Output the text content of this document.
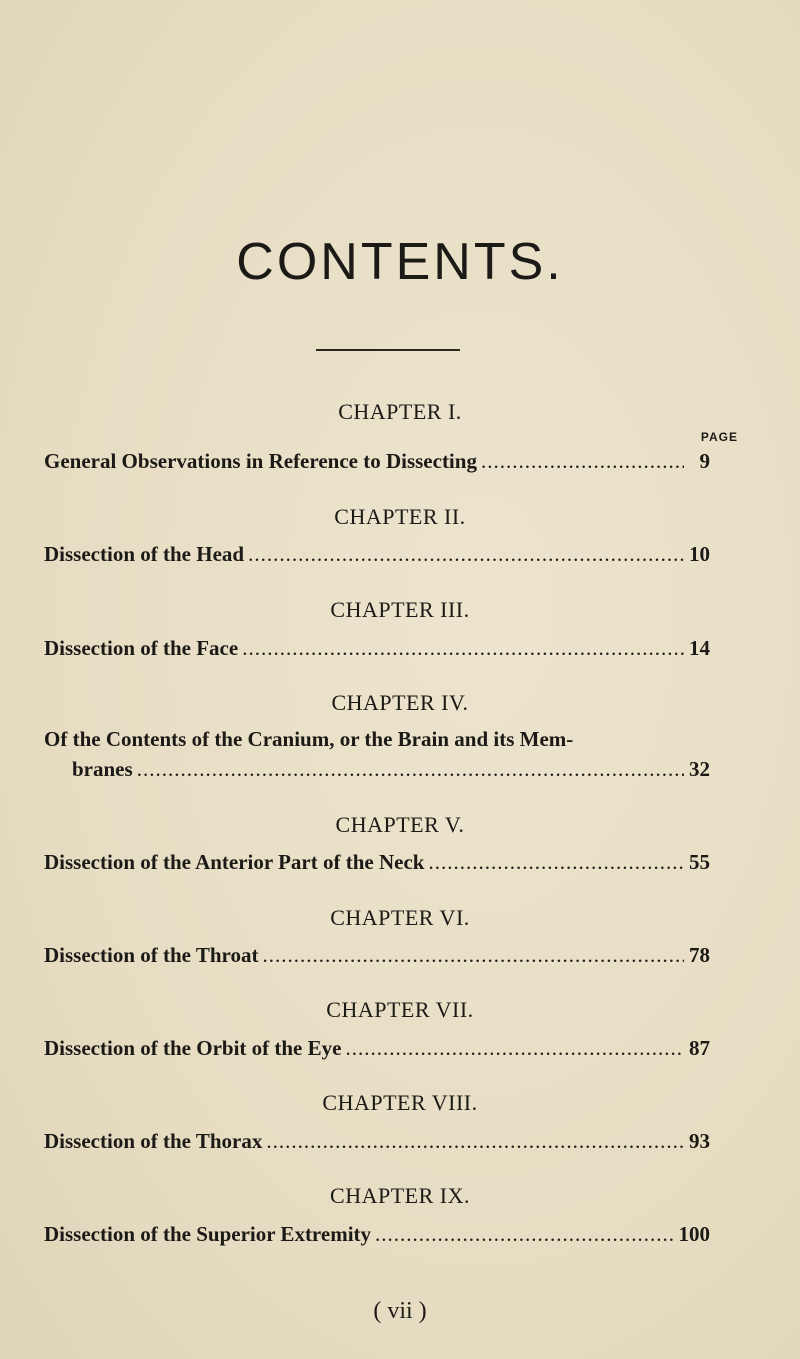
CONTENTS.
CHAPTER I.
PAGE
General Observations in Reference to Dissecting .....	9
CHAPTER II.
Dissection of the Head .....	10
CHAPTER III.
Dissection of the Face .....	14
CHAPTER IV.
Of the Contents of the Cranium, or the Brain and its Mem-
branes .....	32
CHAPTER V.
Dissection of the Anterior Part of the Neck .....	55
CHAPTER VI.
Dissection of the Throat .....	78
CHAPTER VII.
Dissection of the Orbit of the Eye .....	87
CHAPTER VIII.
Dissection of the Thorax .....	93
CHAPTER IX.
Dissection of the Superior Extremity .....	100
( vii )
